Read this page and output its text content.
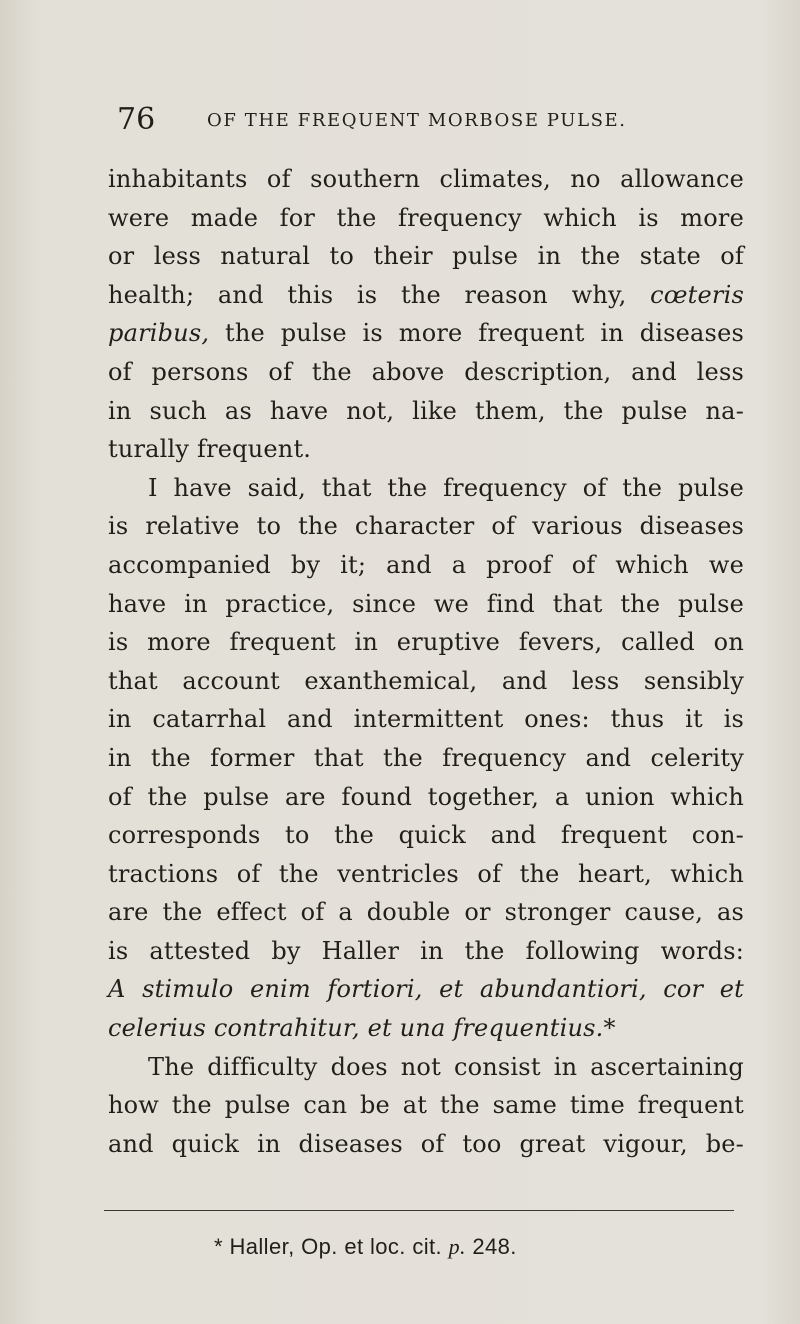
76	OF THE FREQUENT MORBOSE PULSE.
inhabitants of southern climates, no allowance
were made for the frequency which is more
or less natural to their pulse in the state of
health; and this is the reason why, cœteris
paribus, the pulse is more frequent in diseases
of persons of the above description, and less
in such as have not, like them, the pulse na-
turally frequent.
I have said, that the frequency of the pulse
is relative to the character of various diseases
accompanied by it; and a proof of which we
have in practice, since we find that the pulse
is more frequent in eruptive fevers, called on
that account exanthemical, and less sensibly
in catarrhal and intermittent ones: thus it is
in the former that the frequency and celerity
of the pulse are found together, a union which
corresponds to the quick and frequent con-
tractions of the ventricles of the heart, which
are the effect of a double or stronger cause, as
is attested by Haller in the following words:
A stimulo enim fortiori, et abundantiori, cor et
celerius contrahitur, et una frequentius.*
The difficulty does not consist in ascertaining
how the pulse can be at the same time frequent
and quick in diseases of too great vigour, be-
* Haller, Op. et loc. cit. p. 248.
